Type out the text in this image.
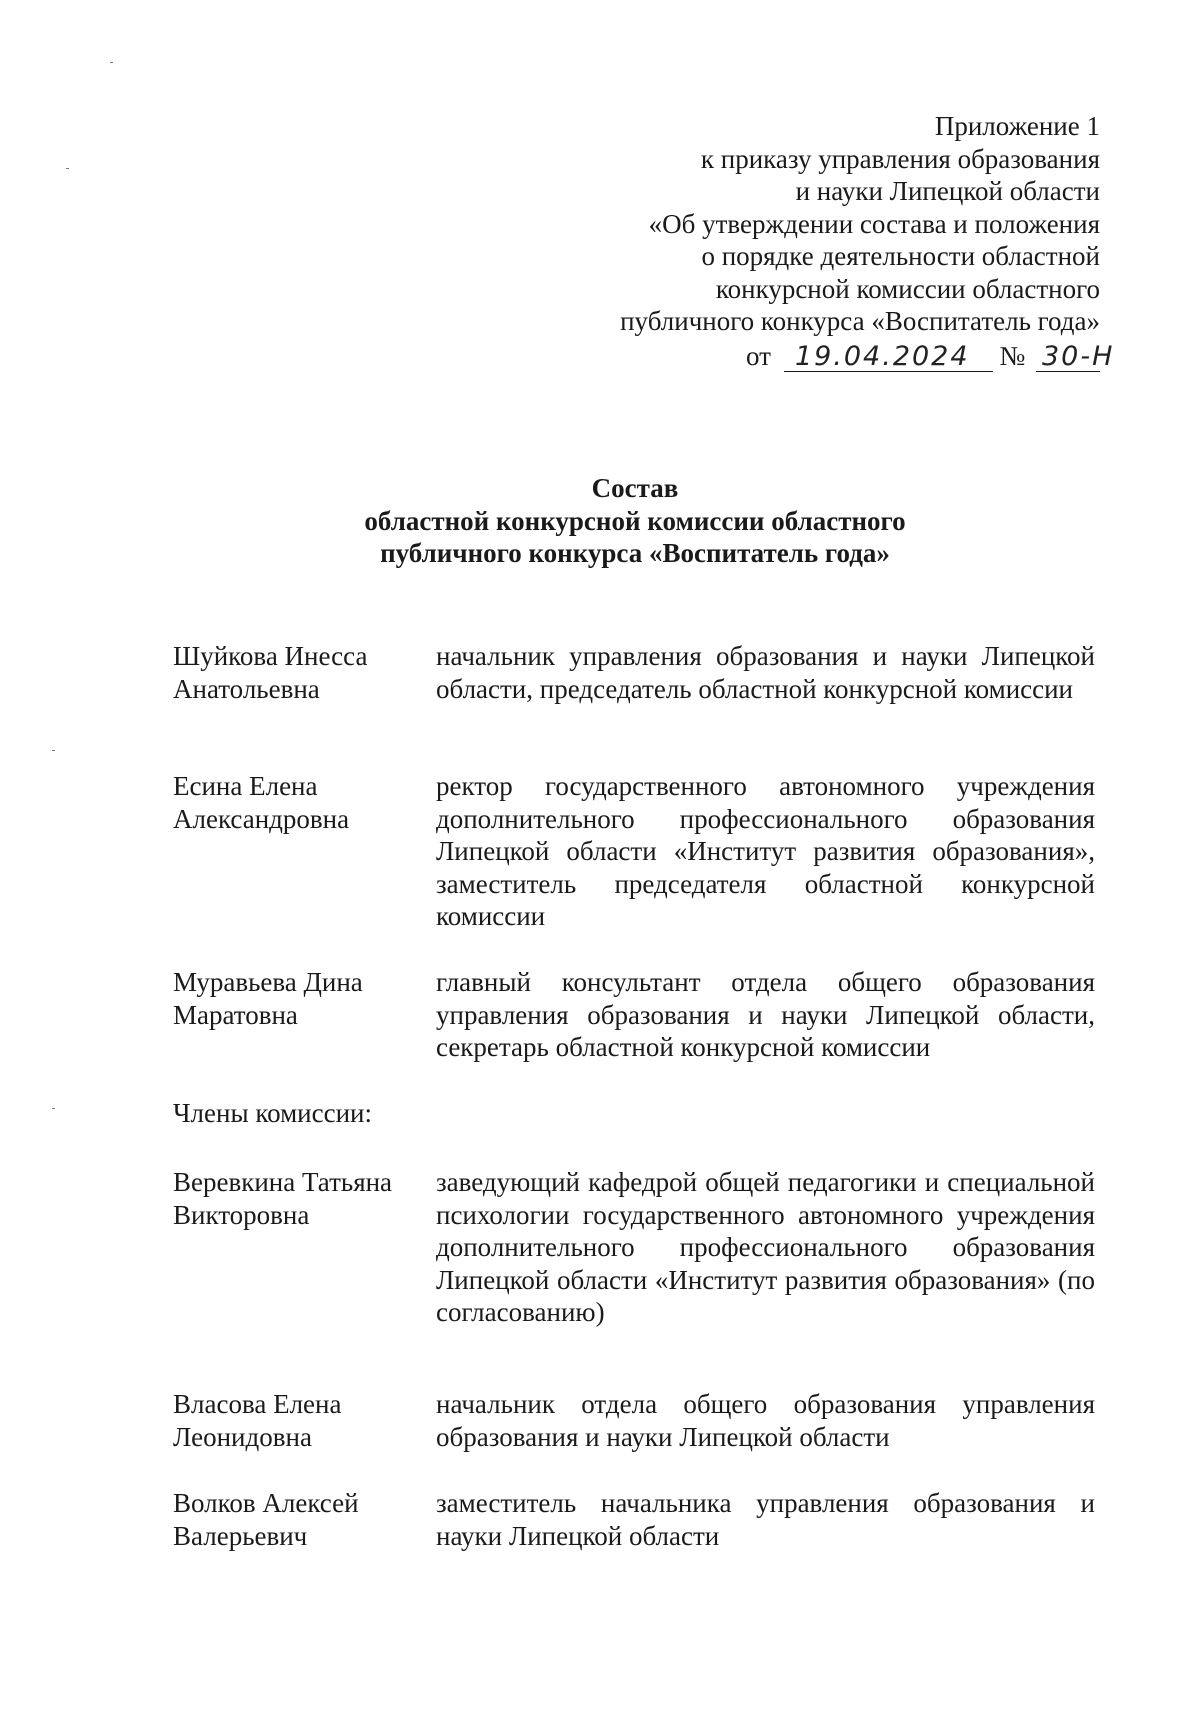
Приложение 1
к приказу управления образования
и науки Липецкой области
«Об утверждении состава и положения
о порядке деятельности областной
конкурсной комиссии областного
публичного конкурса «Воспитатель года»
от 19.04.2024 № 30-Н
Состав
областной конкурсной комиссии областного
публичного конкурса «Воспитатель года»
Шуйкова Инесса
Анатольевна
начальник управления образования и науки Липецкой области, председатель областной конкурсной комиссии
Есина Елена
Александровна
ректор государственного автономного учреждения дополнительного профессионального образования Липецкой области «Институт развития образования», заместитель председателя областной конкурсной комиссии
Муравьева Дина
Маратовна
главный консультант отдела общего образования управления образования и науки Липецкой области, секретарь областной конкурсной комиссии
Члены комиссии:
Веревкина Татьяна
Викторовна
заведующий кафедрой общей педагогики и специальной психологии государственного автономного учреждения дополнительного профессионального образования Липецкой области «Институт развития образования» (по согласованию)
Власова Елена
Леонидовна
начальник отдела общего образования управления образования и науки Липецкой области
Волков Алексей
Валерьевич
заместитель начальника управления образования и науки Липецкой области
